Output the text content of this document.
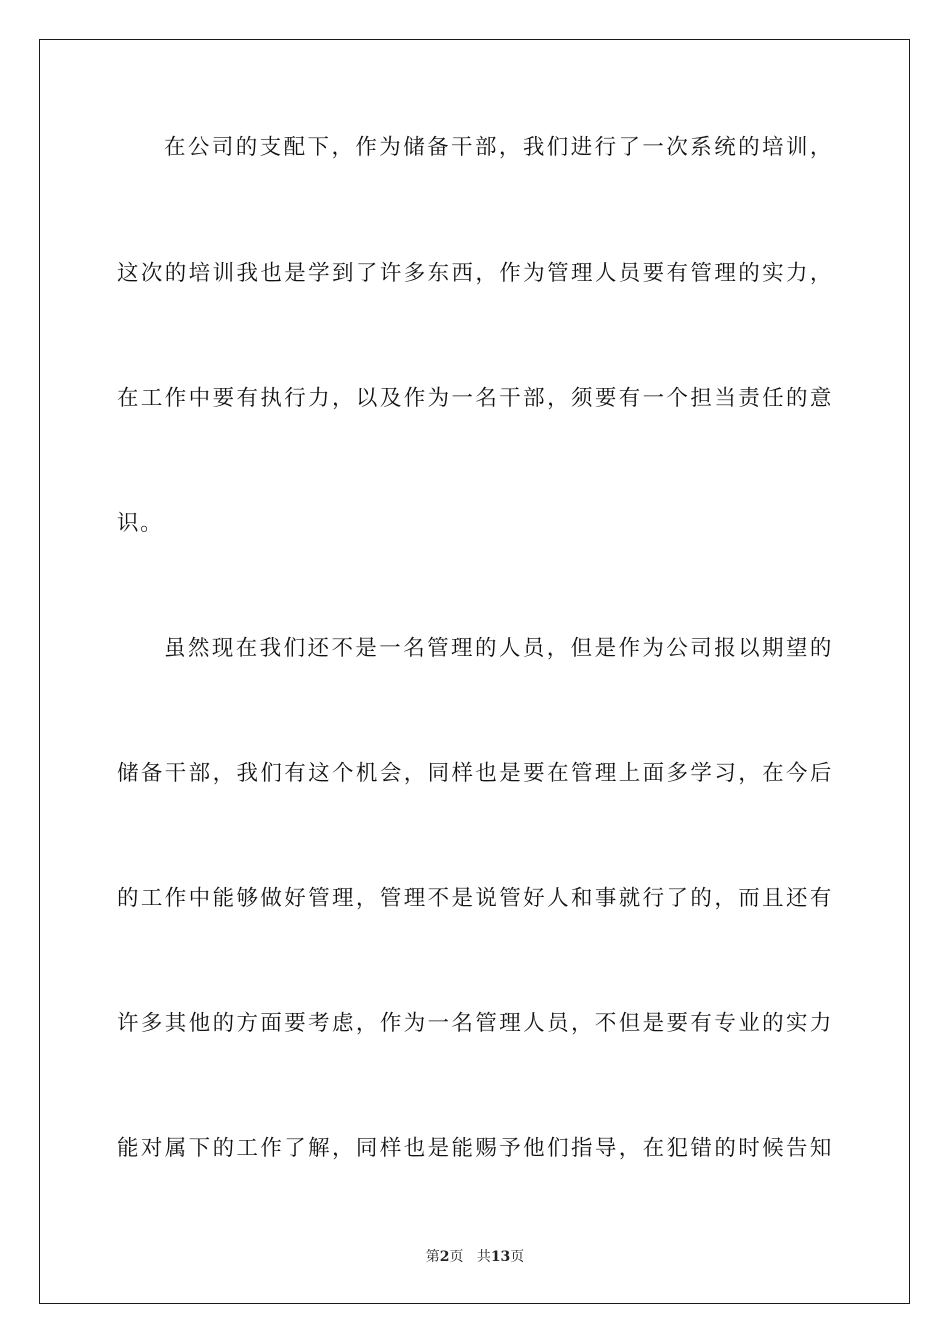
在公司的支配下，作为储备干部，我们进行了一次系统的培训，
这次的培训我也是学到了许多东西，作为管理人员要有管理的实力，
在工作中要有执行力，以及作为一名干部，须要有一个担当责任的意
识。
虽然现在我们还不是一名管理的人员，但是作为公司报以期望的
储备干部，我们有这个机会，同样也是要在管理上面多学习，在今后
的工作中能够做好管理，管理不是说管好人和事就行了的，而且还有
许多其他的方面要考虑，作为一名管理人员，不但是要有专业的实力
能对属下的工作了解，同样也是能赐予他们指导，在犯错的时候告知
第2页 共13页
